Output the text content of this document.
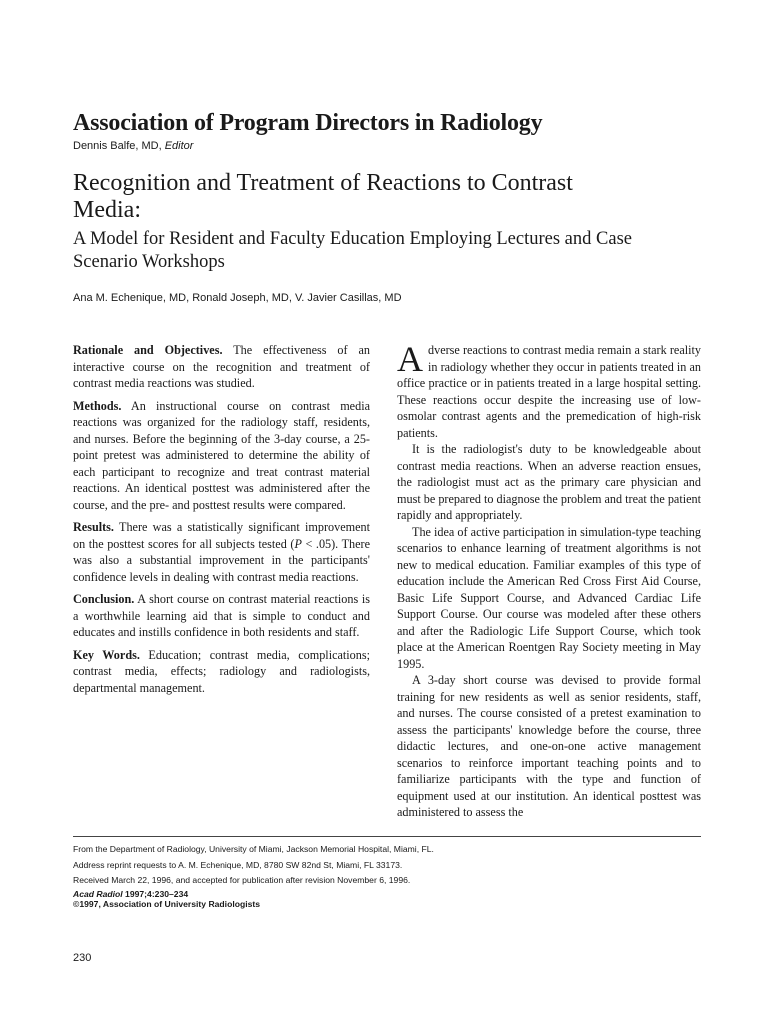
Association of Program Directors in Radiology
Dennis Balfe, MD, Editor
Recognition and Treatment of Reactions to Contrast Media:
A Model for Resident and Faculty Education Employing Lectures and Case Scenario Workshops
Ana M. Echenique, MD, Ronald Joseph, MD, V. Javier Casillas, MD

Rationale and Objectives. The effectiveness of an interactive course on the recognition and treatment of contrast media reactions was studied.

Methods. An instructional course on contrast media reactions was organized for the radiology staff, residents, and nurses. Before the beginning of the 3-day course, a 25-point pretest was administered to determine the ability of each participant to recognize and treat contrast material reactions. An identical posttest was administered after the course, and the pre- and posttest results were compared.

Results. There was a statistically significant improvement on the posttest scores for all subjects tested (P < .05). There was also a substantial improvement in the participants' confidence levels in dealing with contrast media reactions.

Conclusion. A short course on contrast material reactions is a worthwhile learning aid that is simple to conduct and educates and instills confidence in both residents and staff.

Key Words. Education; contrast media, complications; contrast media, effects; radiology and radiologists, departmental management.

Adverse reactions to contrast media remain a stark reality in radiology whether they occur in patients treated in an office practice or in patients treated in a large hospital setting. These reactions occur despite the increasing use of low-osmolar contrast agents and the premedication of high-risk patients.

It is the radiologist's duty to be knowledgeable about contrast media reactions. When an adverse reaction ensues, the radiologist must act as the primary care physician and must be prepared to diagnose the problem and treat the patient rapidly and appropriately.

The idea of active participation in simulation-type teaching scenarios to enhance learning of treatment algorithms is not new to medical education. Familiar examples of this type of education include the American Red Cross First Aid Course, Basic Life Support Course, and Advanced Cardiac Life Support Course. Our course was modeled after these others and after the Radiologic Life Support Course, which took place at the American Roentgen Ray Society meeting in May 1995.

A 3-day short course was devised to provide formal training for new residents as well as senior residents, staff, and nurses. The course consisted of a pretest examination to assess the participants' knowledge before the course, three didactic lectures, and one-on-one active management scenarios to reinforce important teaching points and to familiarize participants with the type and function of equipment used at our institution. An identical posttest was administered to assess the

From the Department of Radiology, University of Miami, Jackson Memorial Hospital, Miami, FL.
Address reprint requests to A. M. Echenique, MD, 8780 SW 82nd St, Miami, FL 33173.
Received March 22, 1996, and accepted for publication after revision November 6, 1996.
Acad Radiol 1997;4:230–234
©1997, Association of University Radiologists
230
